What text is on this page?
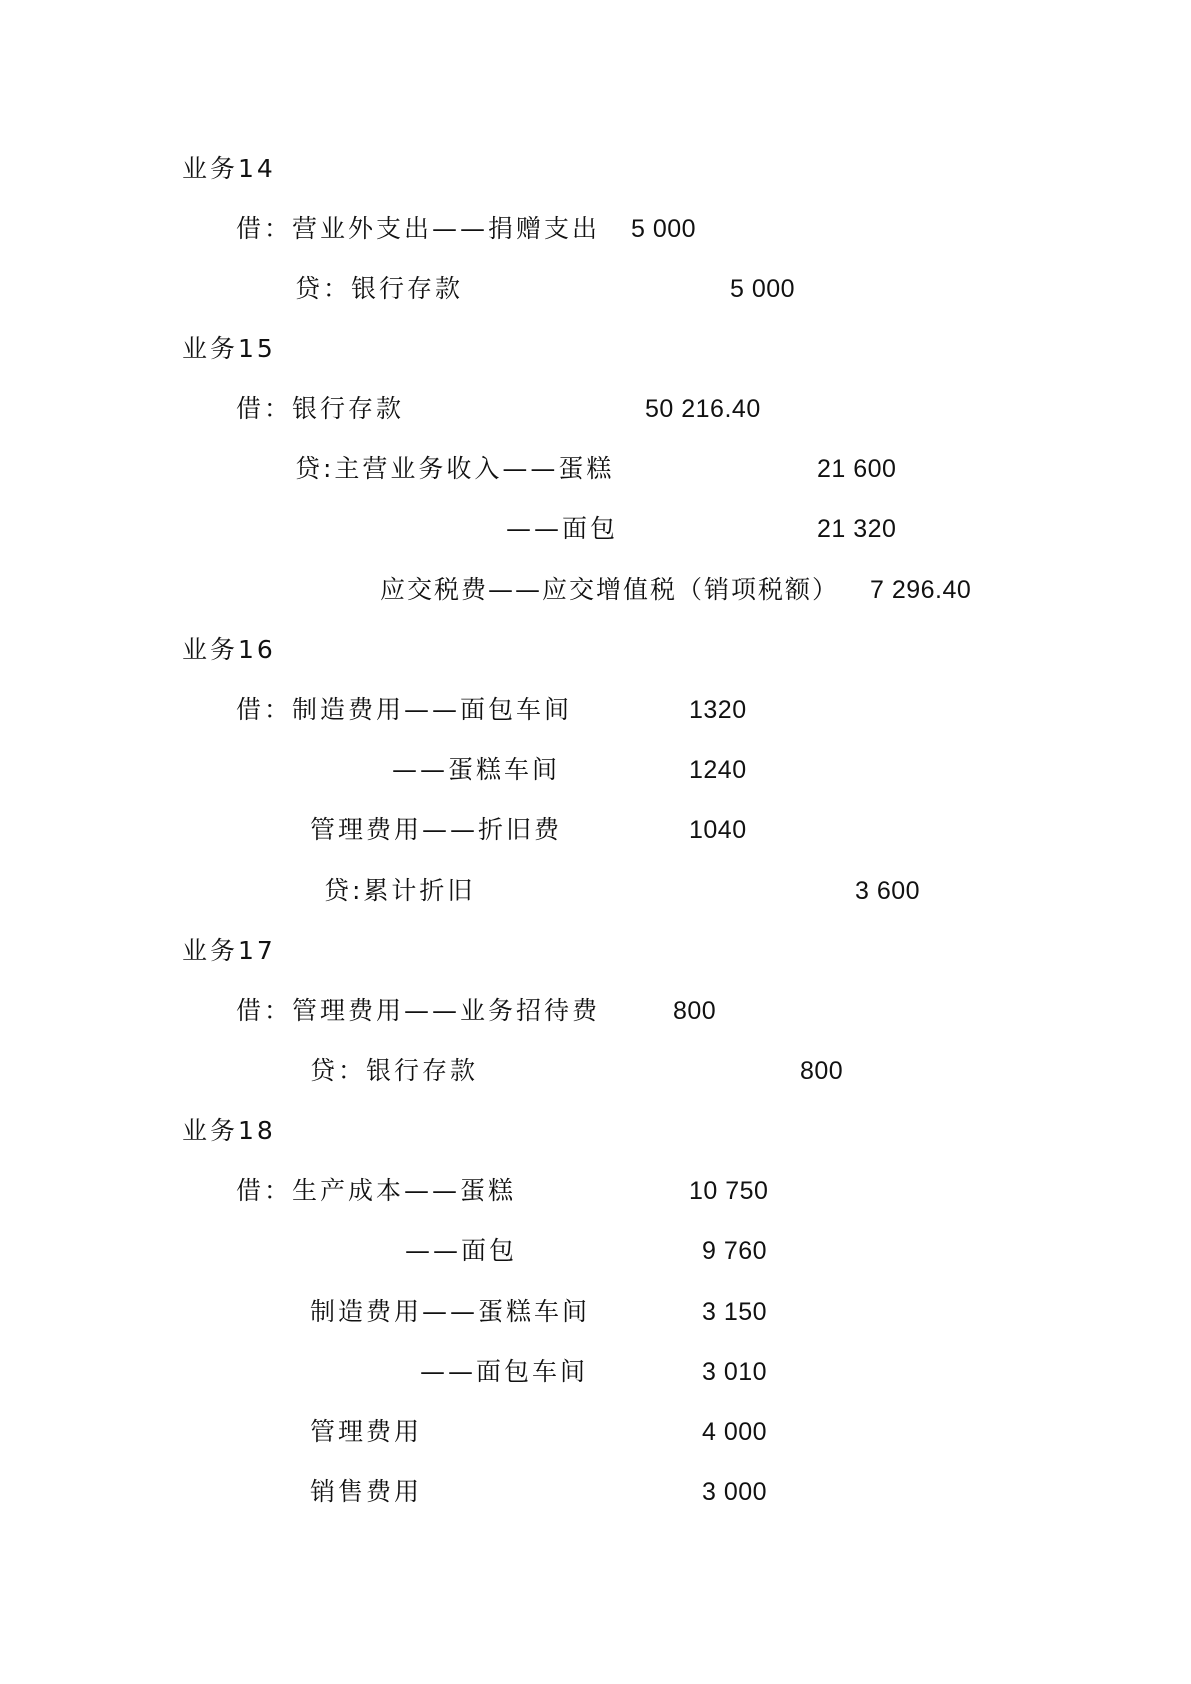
业务14
借：营业外支出——捐赠支出 5 000
贷：银行存款	5 000
业务15
借：银行存款	50 216.40
贷:主营业务收入——蛋糕	21 600
——面包	21 320
应交税费——应交增值税（销项税额） 7 296.40
业务16
借：制造费用——面包车间	1320
——蛋糕车间	1240
管理费用——折旧费	1040
贷:累计折旧	3 600
业务17
借：管理费用——业务招待费	800
贷：银行存款	800
业务18
借：生产成本——蛋糕	10 750
——面包	9 760
制造费用——蛋糕车间	3 150
——面包车间	3 010
管理费用	4 000
销售费用	3 000
